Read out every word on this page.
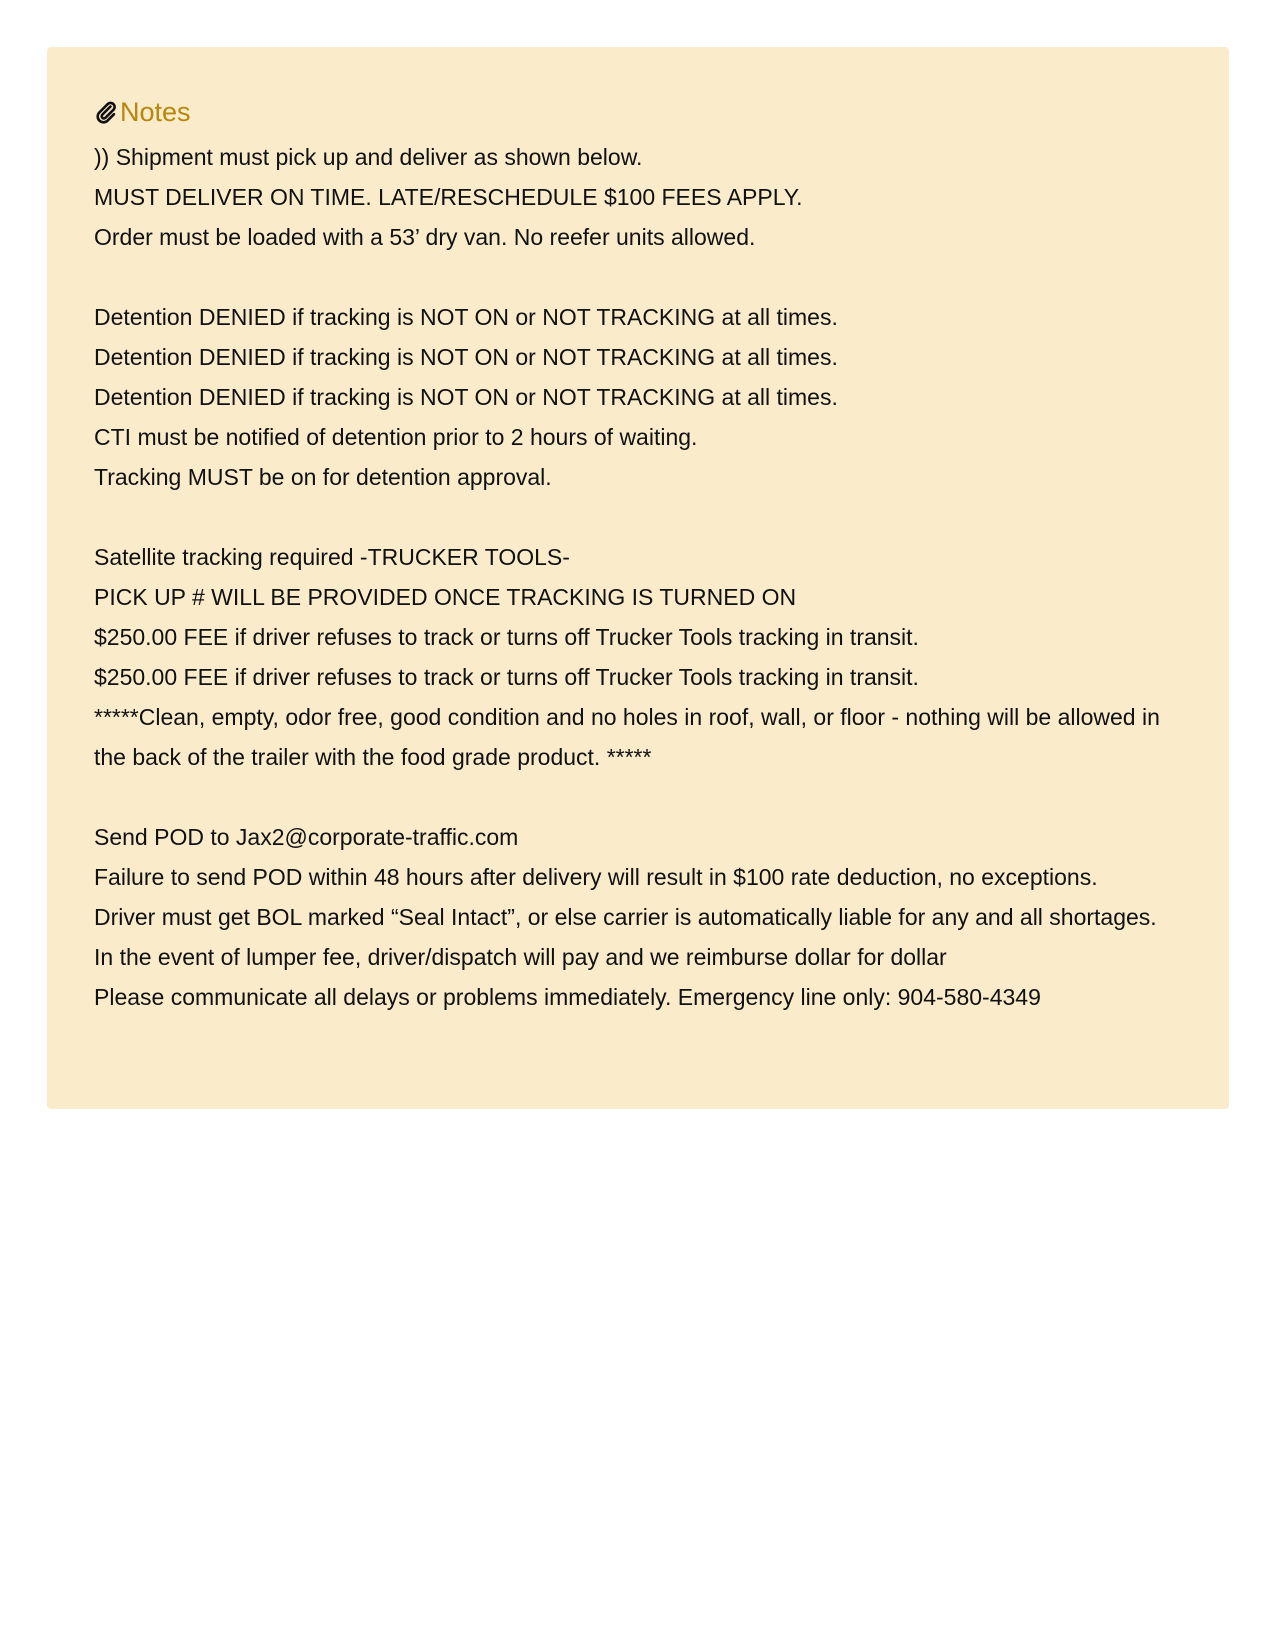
Notes
)) Shipment must pick up and deliver as shown below.
MUST DELIVER ON TIME. LATE/RESCHEDULE $100 FEES APPLY.
Order must be loaded with a 53’ dry van. No reefer units allowed.
Detention DENIED if tracking is NOT ON or NOT TRACKING at all times.
Detention DENIED if tracking is NOT ON or NOT TRACKING at all times.
Detention DENIED if tracking is NOT ON or NOT TRACKING at all times.
CTI must be notified of detention prior to 2 hours of waiting.
Tracking MUST be on for detention approval.
Satellite tracking required -TRUCKER TOOLS-
PICK UP # WILL BE PROVIDED ONCE TRACKING IS TURNED ON
$250.00 FEE if driver refuses to track or turns off Trucker Tools tracking in transit.
$250.00 FEE if driver refuses to track or turns off Trucker Tools tracking in transit.
*****Clean, empty, odor free, good condition and no holes in roof, wall, or floor - nothing will be allowed in the back of the trailer with the food grade product. *****
Send POD to Jax2@corporate-traffic.com
Failure to send POD within 48 hours after delivery will result in $100 rate deduction, no exceptions.
Driver must get BOL marked “Seal Intact”, or else carrier is automatically liable for any and all shortages.
In the event of lumper fee, driver/dispatch will pay and we reimburse dollar for dollar
Please communicate all delays or problems immediately. Emergency line only: 904-580-4349
